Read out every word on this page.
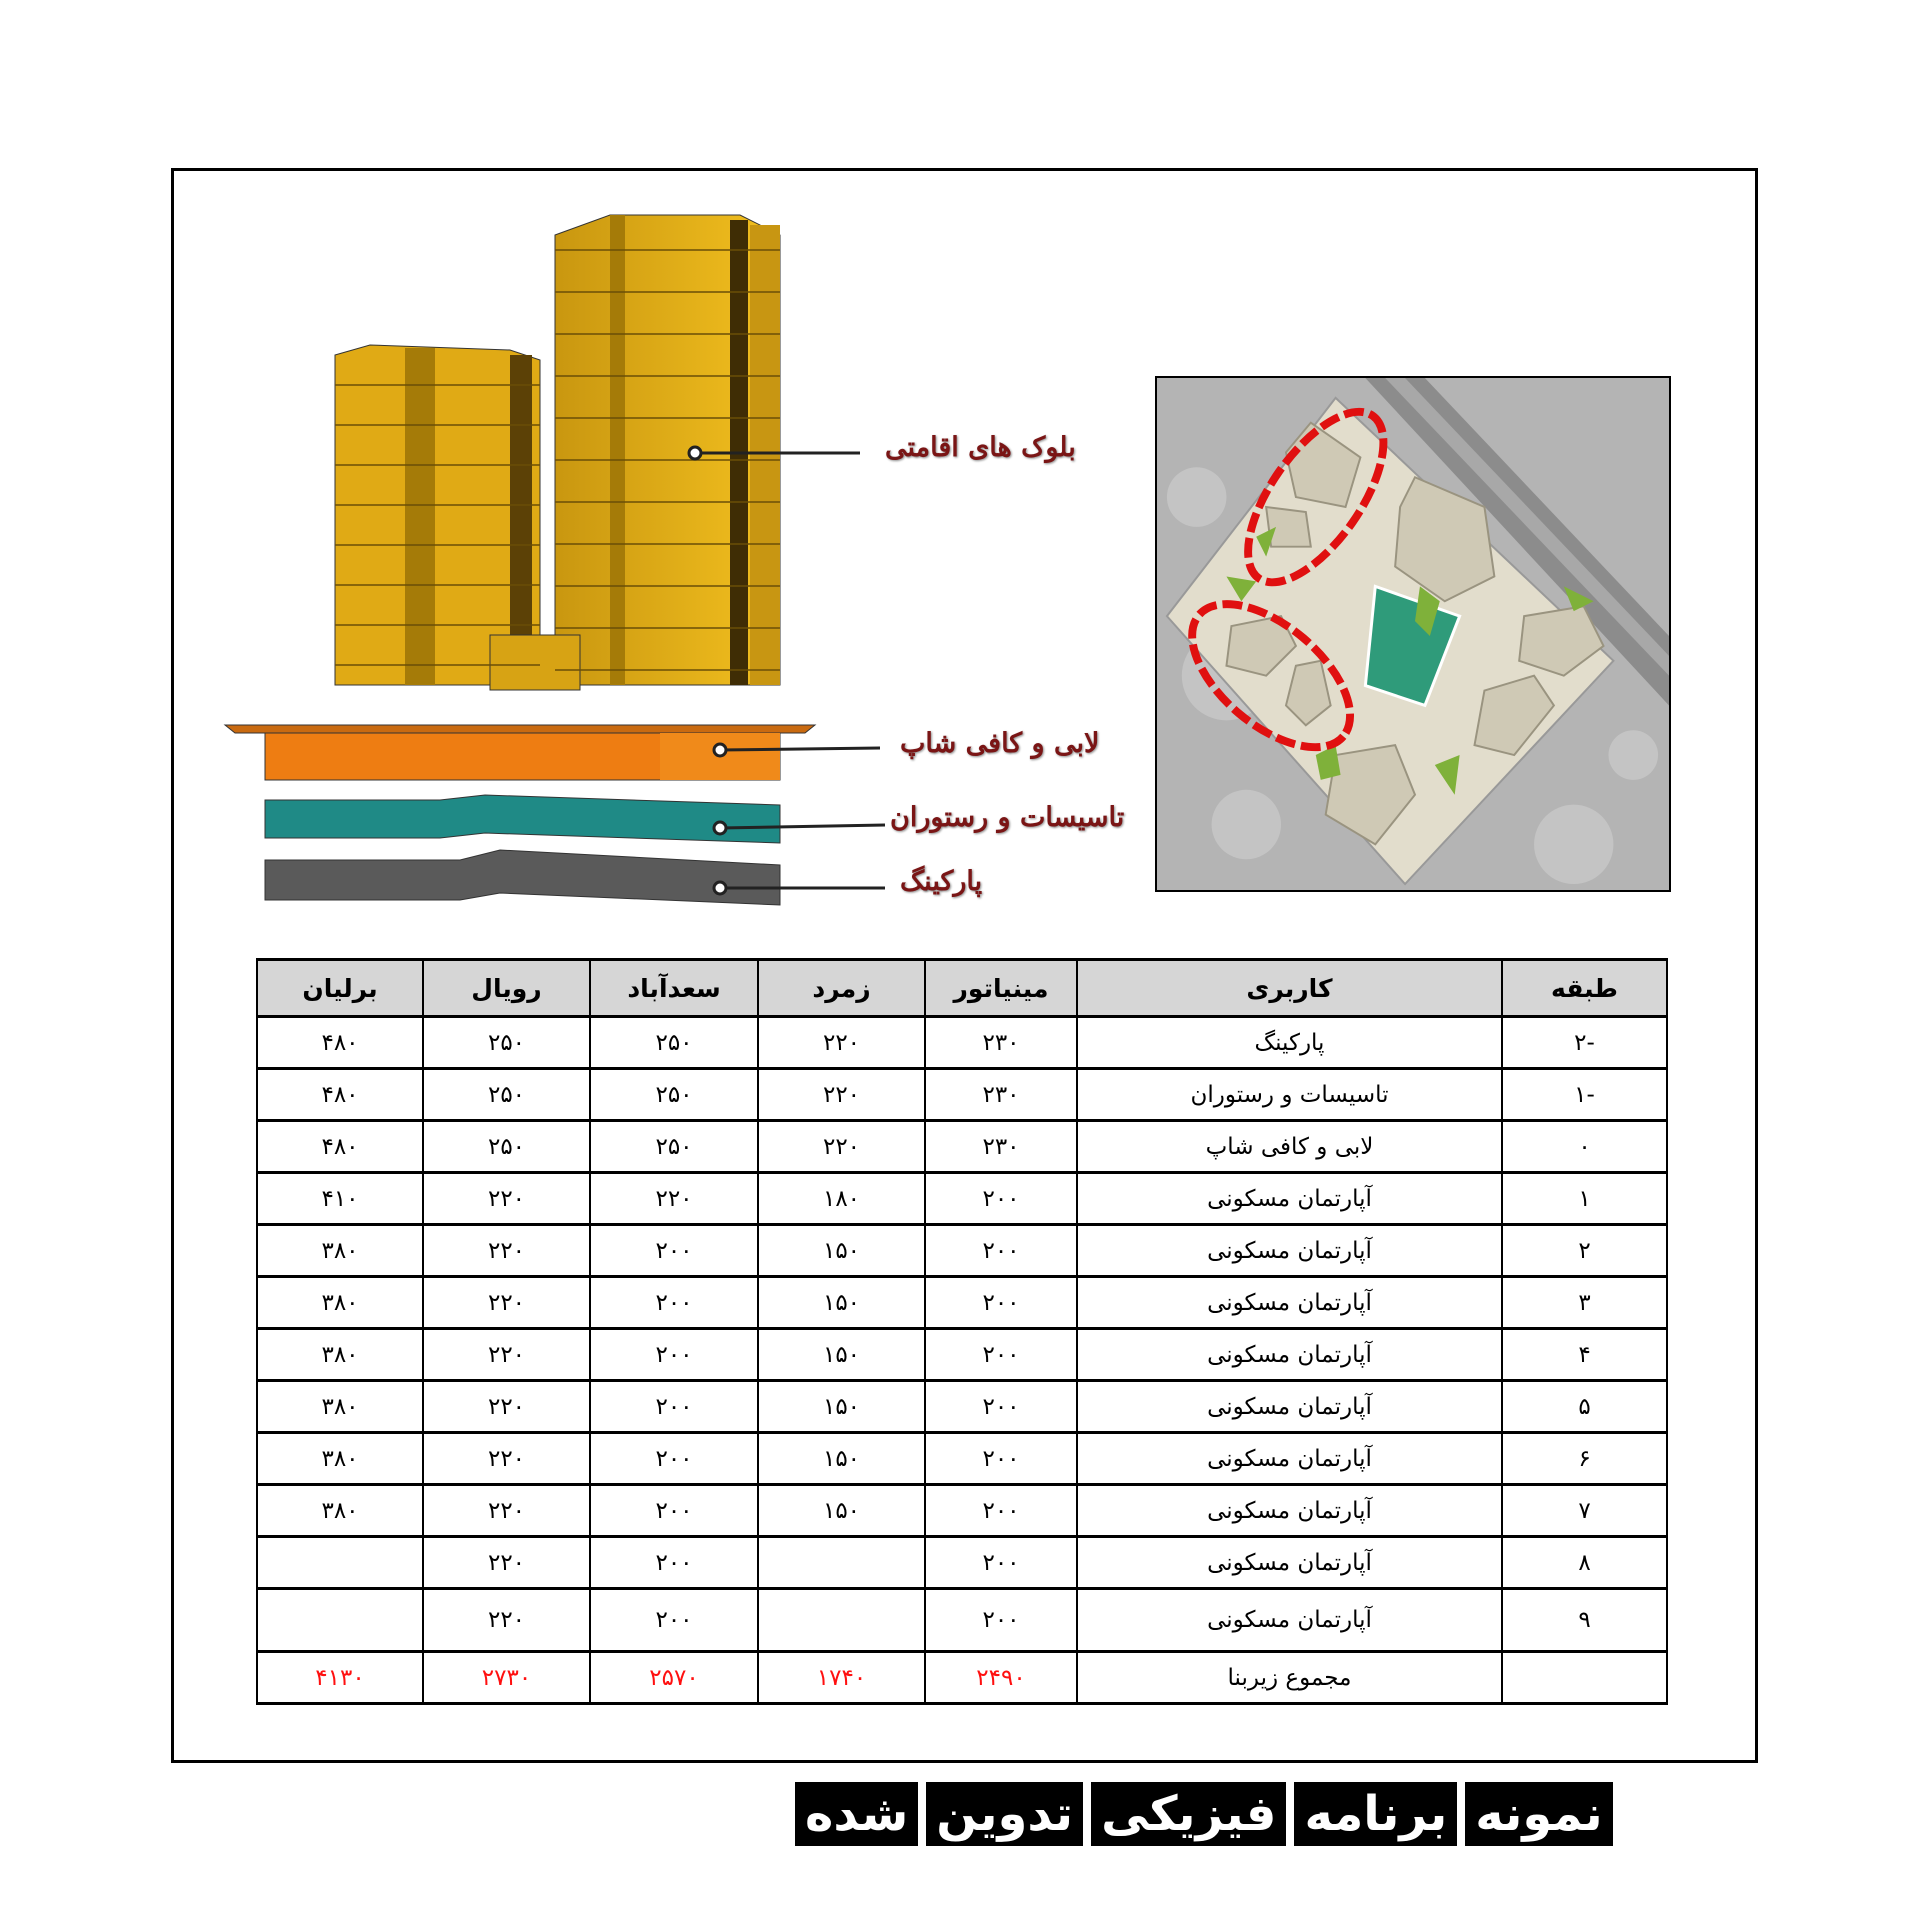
بلوک های اقامتی
لابی و کافی شاپ
تاسیسات و رستوران
پارکینگ
طبقه	کاربری	مینیاتور	زمرد	سعدآباد	رویال	برلیان
-۲	پارکینگ	۲۳۰	۲۲۰	۲۵۰	۲۵۰	۴۸۰
-۱	تاسیسات و رستوران	۲۳۰	۲۲۰	۲۵۰	۲۵۰	۴۸۰
۰	لابی و کافی شاپ	۲۳۰	۲۲۰	۲۵۰	۲۵۰	۴۸۰
۱	آپارتمان مسکونی	۲۰۰	۱۸۰	۲۲۰	۲۲۰	۴۱۰
۲	آپارتمان مسکونی	۲۰۰	۱۵۰	۲۰۰	۲۲۰	۳۸۰
۳	آپارتمان مسکونی	۲۰۰	۱۵۰	۲۰۰	۲۲۰	۳۸۰
۴	آپارتمان مسکونی	۲۰۰	۱۵۰	۲۰۰	۲۲۰	۳۸۰
۵	آپارتمان مسکونی	۲۰۰	۱۵۰	۲۰۰	۲۲۰	۳۸۰
۶	آپارتمان مسکونی	۲۰۰	۱۵۰	۲۰۰	۲۲۰	۳۸۰
۷	آپارتمان مسکونی	۲۰۰	۱۵۰	۲۰۰	۲۲۰	۳۸۰
۸	آپارتمان مسکونی	۲۰۰		۲۰۰	۲۲۰	
۹	آپارتمان مسکونی	۲۰۰		۲۰۰	۲۲۰	
	مجموع زیربنا	۲۴۹۰	۱۷۴۰	۲۵۷۰	۲۷۳۰	۴۱۳۰
نمونه
برنامه
فیزیکی
تدوین
شده
